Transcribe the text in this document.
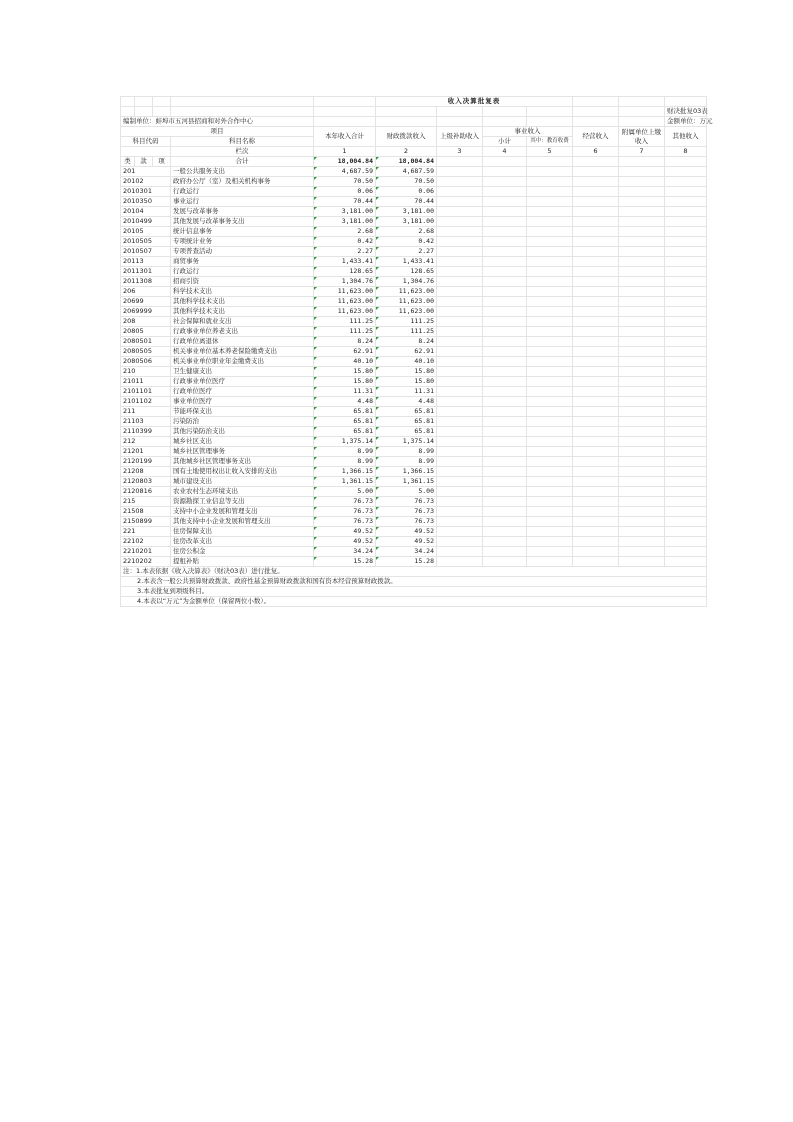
					收入决算批复表						
											财决批复03表
编制单位：蚌埠市五河县招商和对外合作中心											金额单位：万元
项目				本年收入合计	财政拨款收入	上级补助收入	事业收入		经营收入	附属单位上缴收入	其他收入
科目代码			科目名称								
							小计	其中：教育收费			

			栏次	1	2	3	4	5	6	7	8
类	款	项	合计	18,004.84	18,004.84						
201			一般公共服务支出	4,687.59	4,687.59						
20102			政府办公厅（室）及相关机构事务	70.50	70.50						
2010301			行政运行	0.06	0.06						
2010350			事业运行	70.44	70.44						
20104			发展与改革事务	3,181.00	3,181.00						
2010499			其他发展与改革事务支出	3,181.00	3,181.00						
20105			统计信息事务	2.68	2.68						
2010505			专项统计业务	0.42	0.42						
2010507			专项普查活动	2.27	2.27						
20113			商贸事务	1,433.41	1,433.41						
2011301			行政运行	128.65	128.65						
2011308			招商引资	1,304.76	1,304.76						
206			科学技术支出	11,623.00	11,623.00						
20699			其他科学技术支出	11,623.00	11,623.00						
2069999			其他科学技术支出	11,623.00	11,623.00						
208			社会保障和就业支出	111.25	111.25						
20805			行政事业单位养老支出	111.25	111.25						
2080501			行政单位离退休	8.24	8.24						
2080505			机关事业单位基本养老保险缴费支出	62.91	62.91						
2080506			机关事业单位职业年金缴费支出	40.10	40.10						
210			卫生健康支出	15.80	15.80						
21011			行政事业单位医疗	15.80	15.80						
2101101			行政单位医疗	11.31	11.31						
2101102			事业单位医疗	4.48	4.48						
211			节能环保支出	65.81	65.81						
21103			污染防治	65.81	65.81						
2110399			其他污染防治支出	65.81	65.81						
212			城乡社区支出	1,375.14	1,375.14						
21201			城乡社区管理事务	8.99	8.99						
2120199			其他城乡社区管理事务支出	8.99	8.99						
21208			国有土地使用权出让收入安排的支出	1,366.15	1,366.15						
2120803			城市建设支出	1,361.15	1,361.15						
2120816			农业农村生态环境支出	5.00	5.00						
215			资源勘探工业信息等支出	76.73	76.73						
21508			支持中小企业发展和管理支出	76.73	76.73						
2150899			其他支持中小企业发展和管理支出	76.73	76.73						
221			住房保障支出	49.52	49.52						
22102			住房改革支出	49.52	49.52						
2210201			住房公积金	34.24	34.24						
2210202			提租补贴	15.28	15.28						
注：1.本表依据《收入决算表》（财决03表）进行批复。											
2.本表含一般公共预算财政拨款、政府性基金预算财政拨款和国有资本经营预算财政拨款。											
3.本表批复到项级科目。											
4.本表以“万元”为金额单位（保留两位小数）。											
